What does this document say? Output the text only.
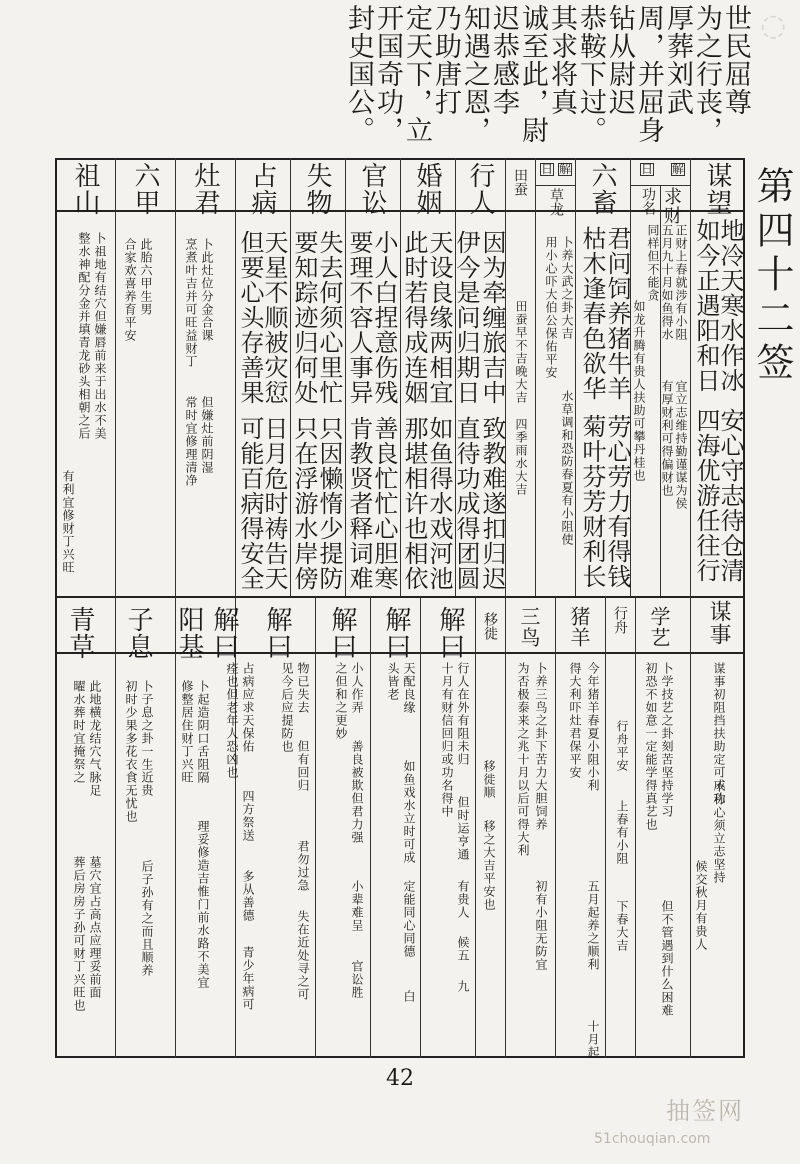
世民屈尊
为之行丧，
厚葬刘武
周，并屈身
钻从尉迟
恭鞍下过。
其求将真
诚至此，尉
迟恭感李
知遇之恩，
乃助唐打
定天下，立
开国奇功，
封史国公。
第四十二签
◌
谋望
求财
功名
解
日
六畜
草龙
解
日
田蚕
行人
婚姻
官讼
失物
占病
灶君
六甲
祖山
地冷天寒水作冰
如今正遇阳和日
安心守志待仓清
四海优游任往行
正财上春就涉有小阻
五月九十月如鱼得水
同样但不能贪
宜立志维持勤谨谋为侯
有厚财利可得偏财也
如龙升腾有贵人扶助可攀丹桂也
君问饲养猪牛羊
枯木逢春色欲华
劳心劳力有得钱
菊叶芬芳财利长
卜养大武之卦大吉
用小心吓大伯公保佑平安
水草调和恐防春夏有小阻使
田蚕早不吉晚大吉
四季雨水大吉
因为牵缠旅吉中
伊今是问归期日
致教难遂扣归迟
直待功成得团圆
天设良缘两相宜
此时若得成连姻
如鱼得水戏河池
那堪相许也相依
小人白捏意伤残
要理不容人事异
善良忙忙心胆寒
肯教贤者释词难
失去何须心里忙
要知踪迹归何处
只因懒惰少提防
只在浮游水岸傍
天星不顺被灾愆
但要心头存善果
日月危时祷告天
可能百病得安全
卜此灶位分金合课
烹煮叶吉并可旺益财丁
但嫌灶前阴湿
常时宜修理清净
此胎六甲生男
合家欢喜养育平安
卜祖地有结穴但嫌唇前来于出水不美
整水神配分金并填青龙砂头相朝之后
有利宜修财丁兴旺
谋事
学艺
行舟
猪羊
三鸟
移徙
解曰
解曰
解曰
解曰
解曰
阳基
子息
青草
谋事初阻挡扶助定可成功
不称心须立志坚持
候交秋月有贵人
卜学技艺之卦刻苦坚持学习
初恐不如意一定能学得真艺也
但不管遇到什么困难
行舟平安
上春有小阻
下春大吉
今年猪羊春夏小阻小利
得大利吓灶君保平安
五月起养之顺利
十月起
卜养三鸟之卦下苦力大胆饲养
为否极泰来之兆十月以后可得大利
初有小阻无防宜
移徙顺
移之大吉平安也
行人在外有阻未归
十月有财信回归或功名得中
但时运亨通
有贵人
候五
九
天配良缘
头皆老
如鱼戏水立时可成
定能同心同德
白
小人作弄
之但和之更妙
善良被欺但君力强
小辈难呈
官讼胜
物已失去
见今后应提防也
但有回归
君勿过急
失在近处寻之可
占病应求天保佑
痊也但老年人恐凶也
四方祭送
多从善德
青少年病可
卜起造阴口舌阻隔
修整居住财丁兴旺
理妥修造吉惟门前水路不美宜
卜子息之卦一生近贵
初时少果多花衣食无忧也
后子孙有之而且顺养
此地横龙结穴气脉足
曜水葬时宜掩祭之
墓穴宜占高点应理妥前面
葬后房房子孙可财丁兴旺也
42
抽签网
51chouqian.com
